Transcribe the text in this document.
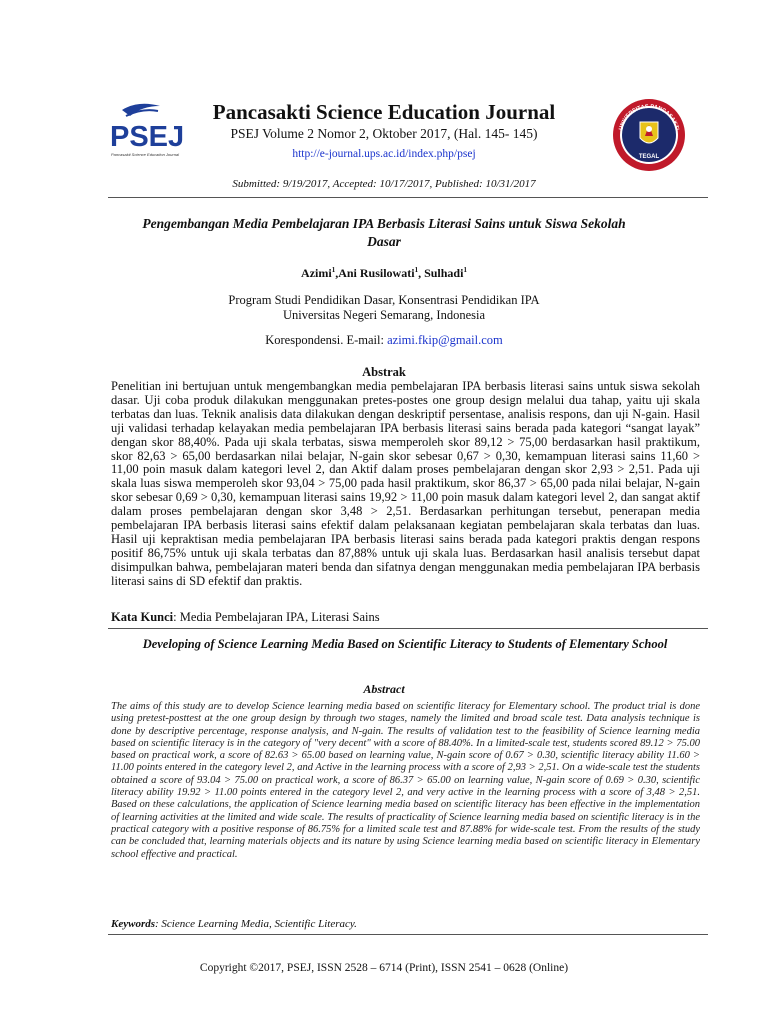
PSEJ
Pancasakti Science Education Journal
Pancasakti Science Education Journal
PSEJ Volume 2 Nomor 2, Oktober 2017, (Hal. 145- 145)
http://e-journal.ups.ac.id/index.php/psej
UNIVERSITAS PANCASAKTI
TEGAL
Submitted: 9/19/2017, Accepted: 10/17/2017, Published: 10/31/2017
Pengembangan Media Pembelajaran IPA Berbasis Literasi Sains untuk Siswa Sekolah Dasar
Azimi$^1$,Ani Rusilowati$^1$, Sulhadi$^1$
Program Studi Pendidikan Dasar, Konsentrasi Pendidikan IPA
Universitas Negeri Semarang, Indonesia
Korespondensi. E-mail: azimi.fkip@gmail.com
Abstrak
Penelitian ini bertujuan untuk mengembangkan media pembelajaran IPA berbasis literasi sains untuk siswa sekolah dasar. Uji coba produk dilakukan menggunakan pretes-postes one group design melalui dua tahap, yaitu uji skala terbatas dan luas. Teknik analisis data dilakukan dengan deskriptif persentase, analisis respons, dan uji N-gain. Hasil uji validasi terhadap kelayakan media pembelajaran IPA berbasis literasi sains berada pada kategori “sangat layak” dengan skor 88,40%. Pada uji skala terbatas, siswa memperoleh skor 89,12 > 75,00 berdasarkan hasil praktikum, skor 82,63 > 65,00 berdasarkan nilai belajar, N-gain skor sebesar 0,67 > 0,30, kemampuan literasi sains 11,60 > 11,00 poin masuk dalam kategori level 2, dan Aktif dalam proses pembelajaran dengan skor 2,93 > 2,51. Pada uji skala luas siswa memperoleh skor 93,04 > 75,00 pada hasil praktikum, skor 86,37 > 65,00 pada nilai belajar, N-gain skor sebesar 0,69 > 0,30, kemampuan literasi sains 19,92 > 11,00 poin masuk dalam kategori level 2, dan sangat aktif dalam proses pembelajaran dengan skor 3,48 > 2,51. Berdasarkan perhitungan tersebut, penerapan media pembelajaran IPA berbasis literasi sains efektif dalam pelaksanaan kegiatan pembelajaran skala terbatas dan luas. Hasil uji kepraktisan media pembelajaran IPA berbasis literasi sains berada pada kategori praktis dengan respons positif 86,75% untuk uji skala terbatas dan 87,88% untuk uji skala luas. Berdasarkan hasil analisis tersebut dapat disimpulkan bahwa, pembelajaran materi benda dan sifatnya dengan menggunakan media pembelajaran IPA berbasis literasi sains di SD efektif dan praktis.
Kata Kunci: Media Pembelajaran IPA, Literasi Sains
Developing of Science Learning Media Based on Scientific Literacy to Students of Elementary School
Abstract
The aims of this study are to develop Science learning media based on scientific literacy for Elementary school. The product trial is done using pretest-posttest at the one group design by through two stages, namely the limited and broad scale test. Data analysis technique is done by descriptive percentage, response analysis, and N-gain. The results of validation test to the feasibility of Science learning media based on scientific literacy is in the category of "very decent" with a score of 88.40%. In a limited-scale test, students scored 89.12 > 75.00 based on practical work, a score of 82.63 > 65.00 based on learning value, N-gain score of 0.67 > 0.30, scientific literacy ability 11.60 > 11.00 points entered in the category level 2, and Active in the learning process with a score of 2,93 > 2,51. On a wide-scale test the students obtained a score of 93.04 > 75.00 on practical work, a score of 86.37 > 65.00 on learning value, N-gain score of 0.69 > 0.30, scientific literacy ability 19.92 > 11.00 points entered in the category level 2, and very active in the learning process with a score of 3,48 > 2,51. Based on these calculations, the application of Science learning media based on scientific literacy has been effective in the implementation of learning activities at the limited and wide scale. The results of practicality of Science learning media based on scientific literacy is in the practical category with a positive response of 86.75% for a limited scale test and 87.88% for wide-scale test. From the results of the study can be concluded that, learning materials objects and its nature by using Science learning media based on scientific literacy in Elementary school effective and practical.
Keywords: Science Learning Media, Scientific Literacy.
Copyright ©2017, PSEJ, ISSN 2528 – 6714 (Print), ISSN 2541 – 0628 (Online)
